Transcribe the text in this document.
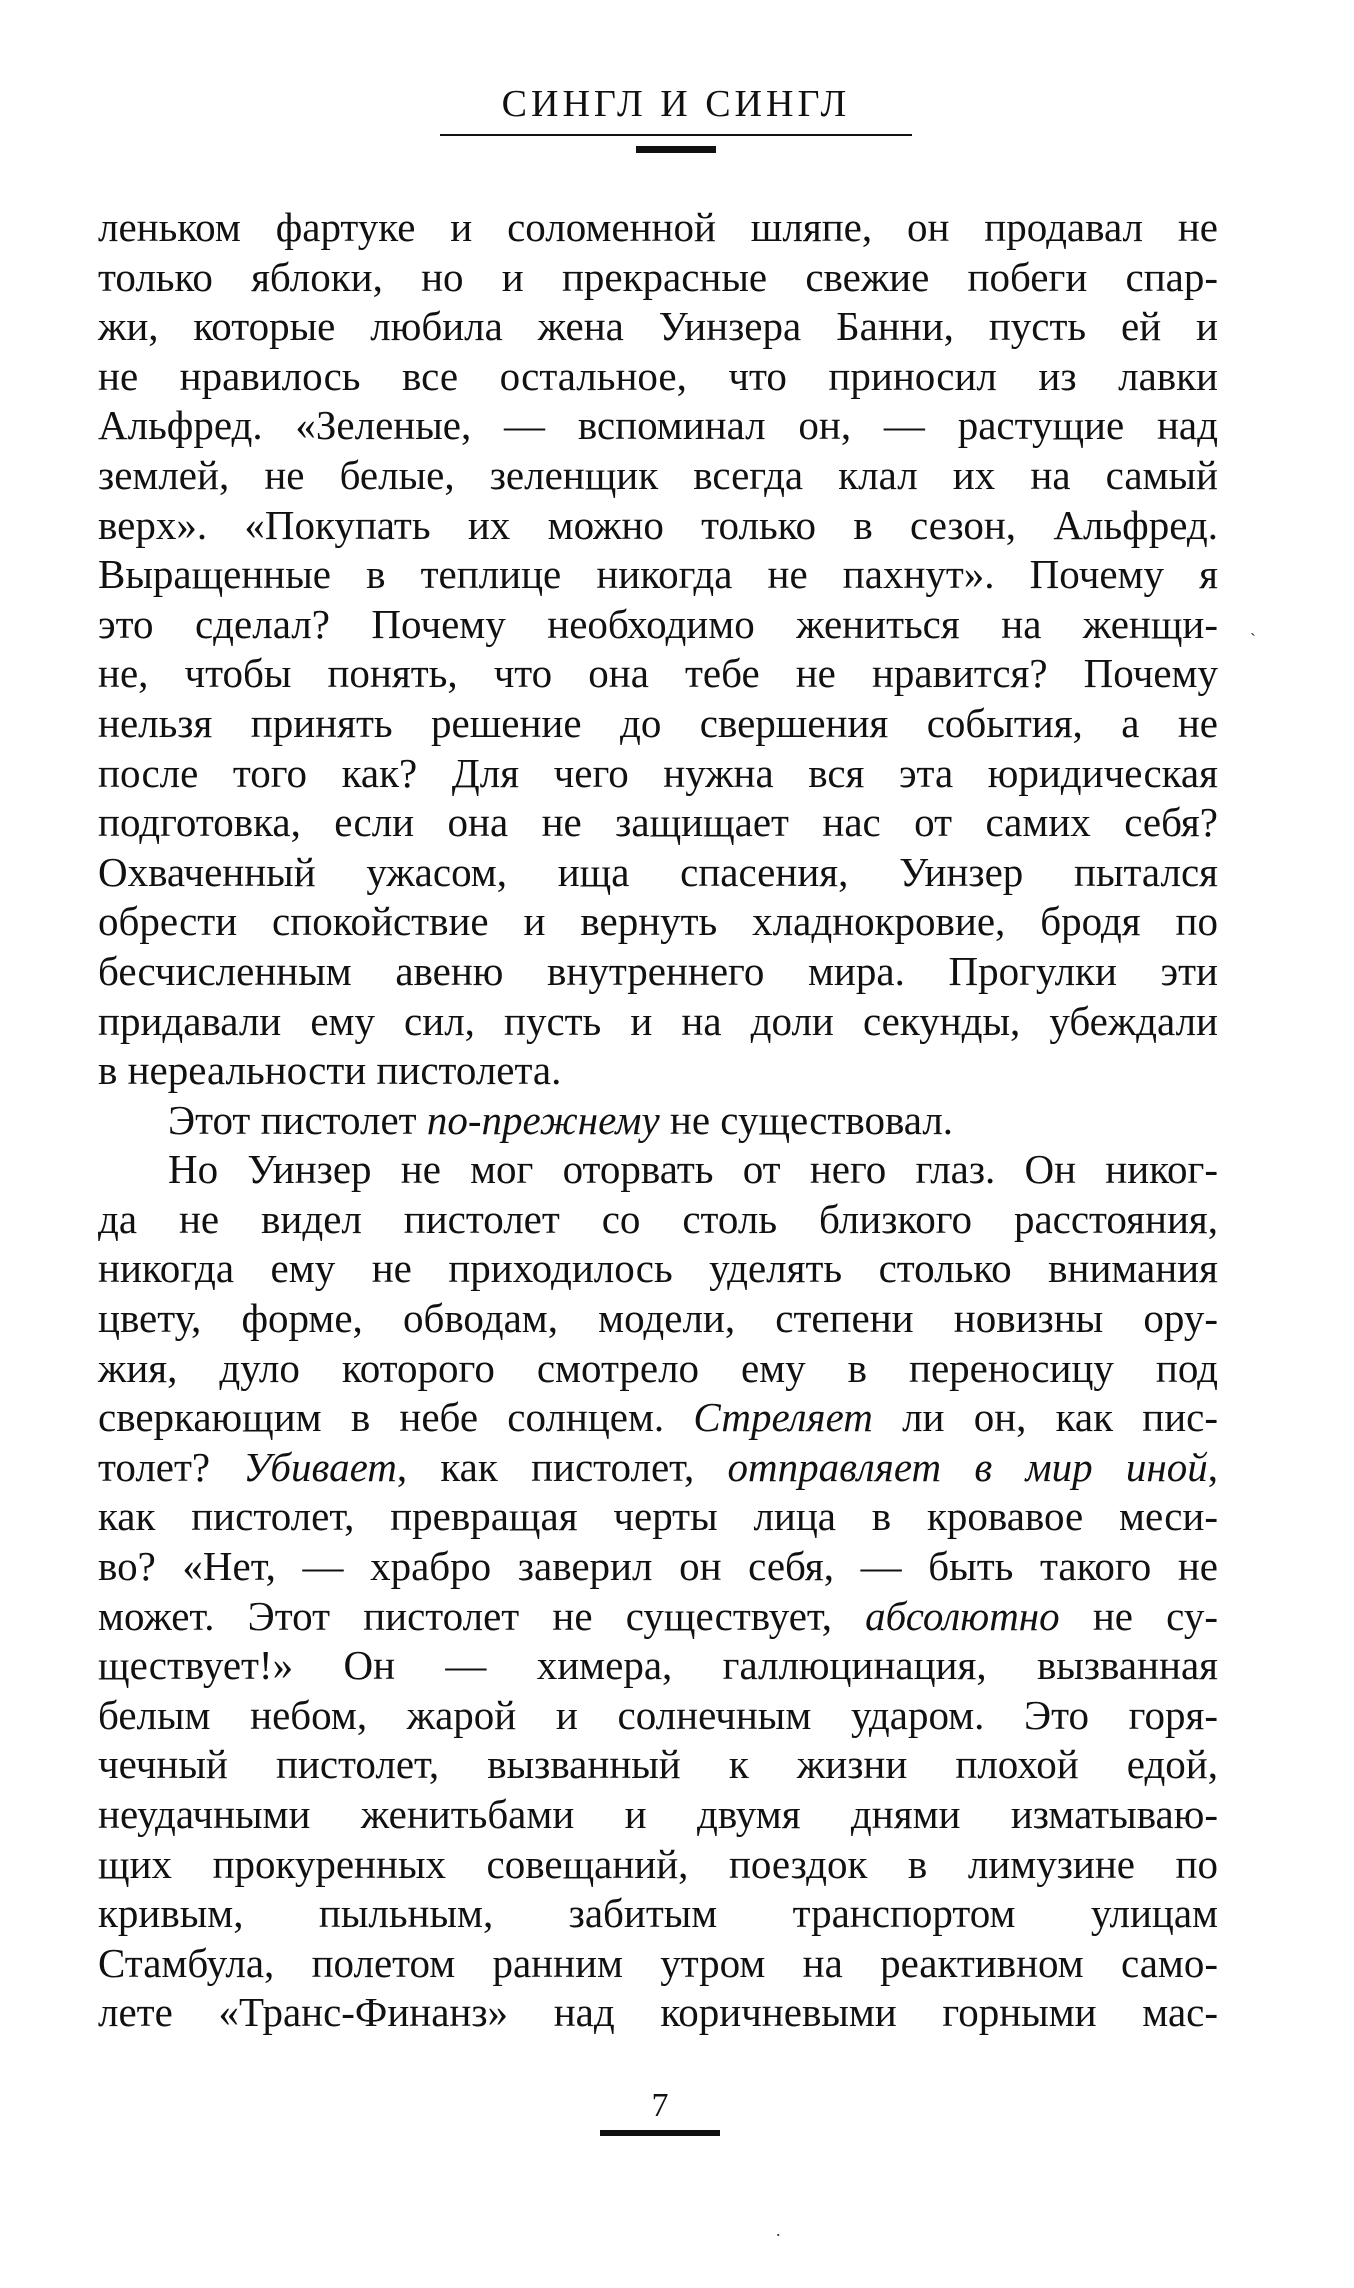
СИНГЛ И СИНГЛ
леньком фартуке и соломенной шляпе, он продавал не
только яблоки, но и прекрасные свежие побеги спар-
жи, которые любила жена Уинзера Банни, пусть ей и
не нравилось все остальное, что приносил из лавки
Альфред. «Зеленые, — вспоминал он, — растущие над
землей, не белые, зеленщик всегда клал их на самый
верх». «Покупать их можно только в сезон, Альфред.
Выращенные в теплице никогда не пахнут». Почему я
это сделал? Почему необходимо жениться на женщи-
не, чтобы понять, что она тебе не нравится? Почему
нельзя принять решение до свершения события, а не
после того как? Для чего нужна вся эта юридическая
подготовка, если она не защищает нас от самих себя?
Охваченный ужасом, ища спасения, Уинзер пытался
обрести спокойствие и вернуть хладнокровие, бродя по
бесчисленным авеню внутреннего мира. Прогулки эти
придавали ему сил, пусть и на доли секунды, убеждали
в нереальности пистолета.
Этот пистолет по-прежнему не существовал.
Но Уинзер не мог оторвать от него глаз. Он никог-
да не видел пистолет со столь близкого расстояния,
никогда ему не приходилось уделять столько внимания
цвету, форме, обводам, модели, степени новизны ору-
жия, дуло которого смотрело ему в переносицу под
сверкающим в небе солнцем. Стреляет ли он, как пис-
толет? Убивает, как пистолет, отправляет в мир иной,
как пистолет, превращая черты лица в кровавое меси-
во? «Нет, — храбро заверил он себя, — быть такого не
может. Этот пистолет не существует, абсолютно не су-
ществует!» Он — химера, галлюцинация, вызванная
белым небом, жарой и солнечным ударом. Это горя-
чечный пистолет, вызванный к жизни плохой едой,
неудачными женитьбами и двумя днями изматываю-
щих прокуренных совещаний, поездок в лимузине по
кривым, пыльным, забитым транспортом улицам
Стамбула, полетом ранним утром на реактивном само-
лете «Транс-Финанз» над коричневыми горными мас-
7
`
.
